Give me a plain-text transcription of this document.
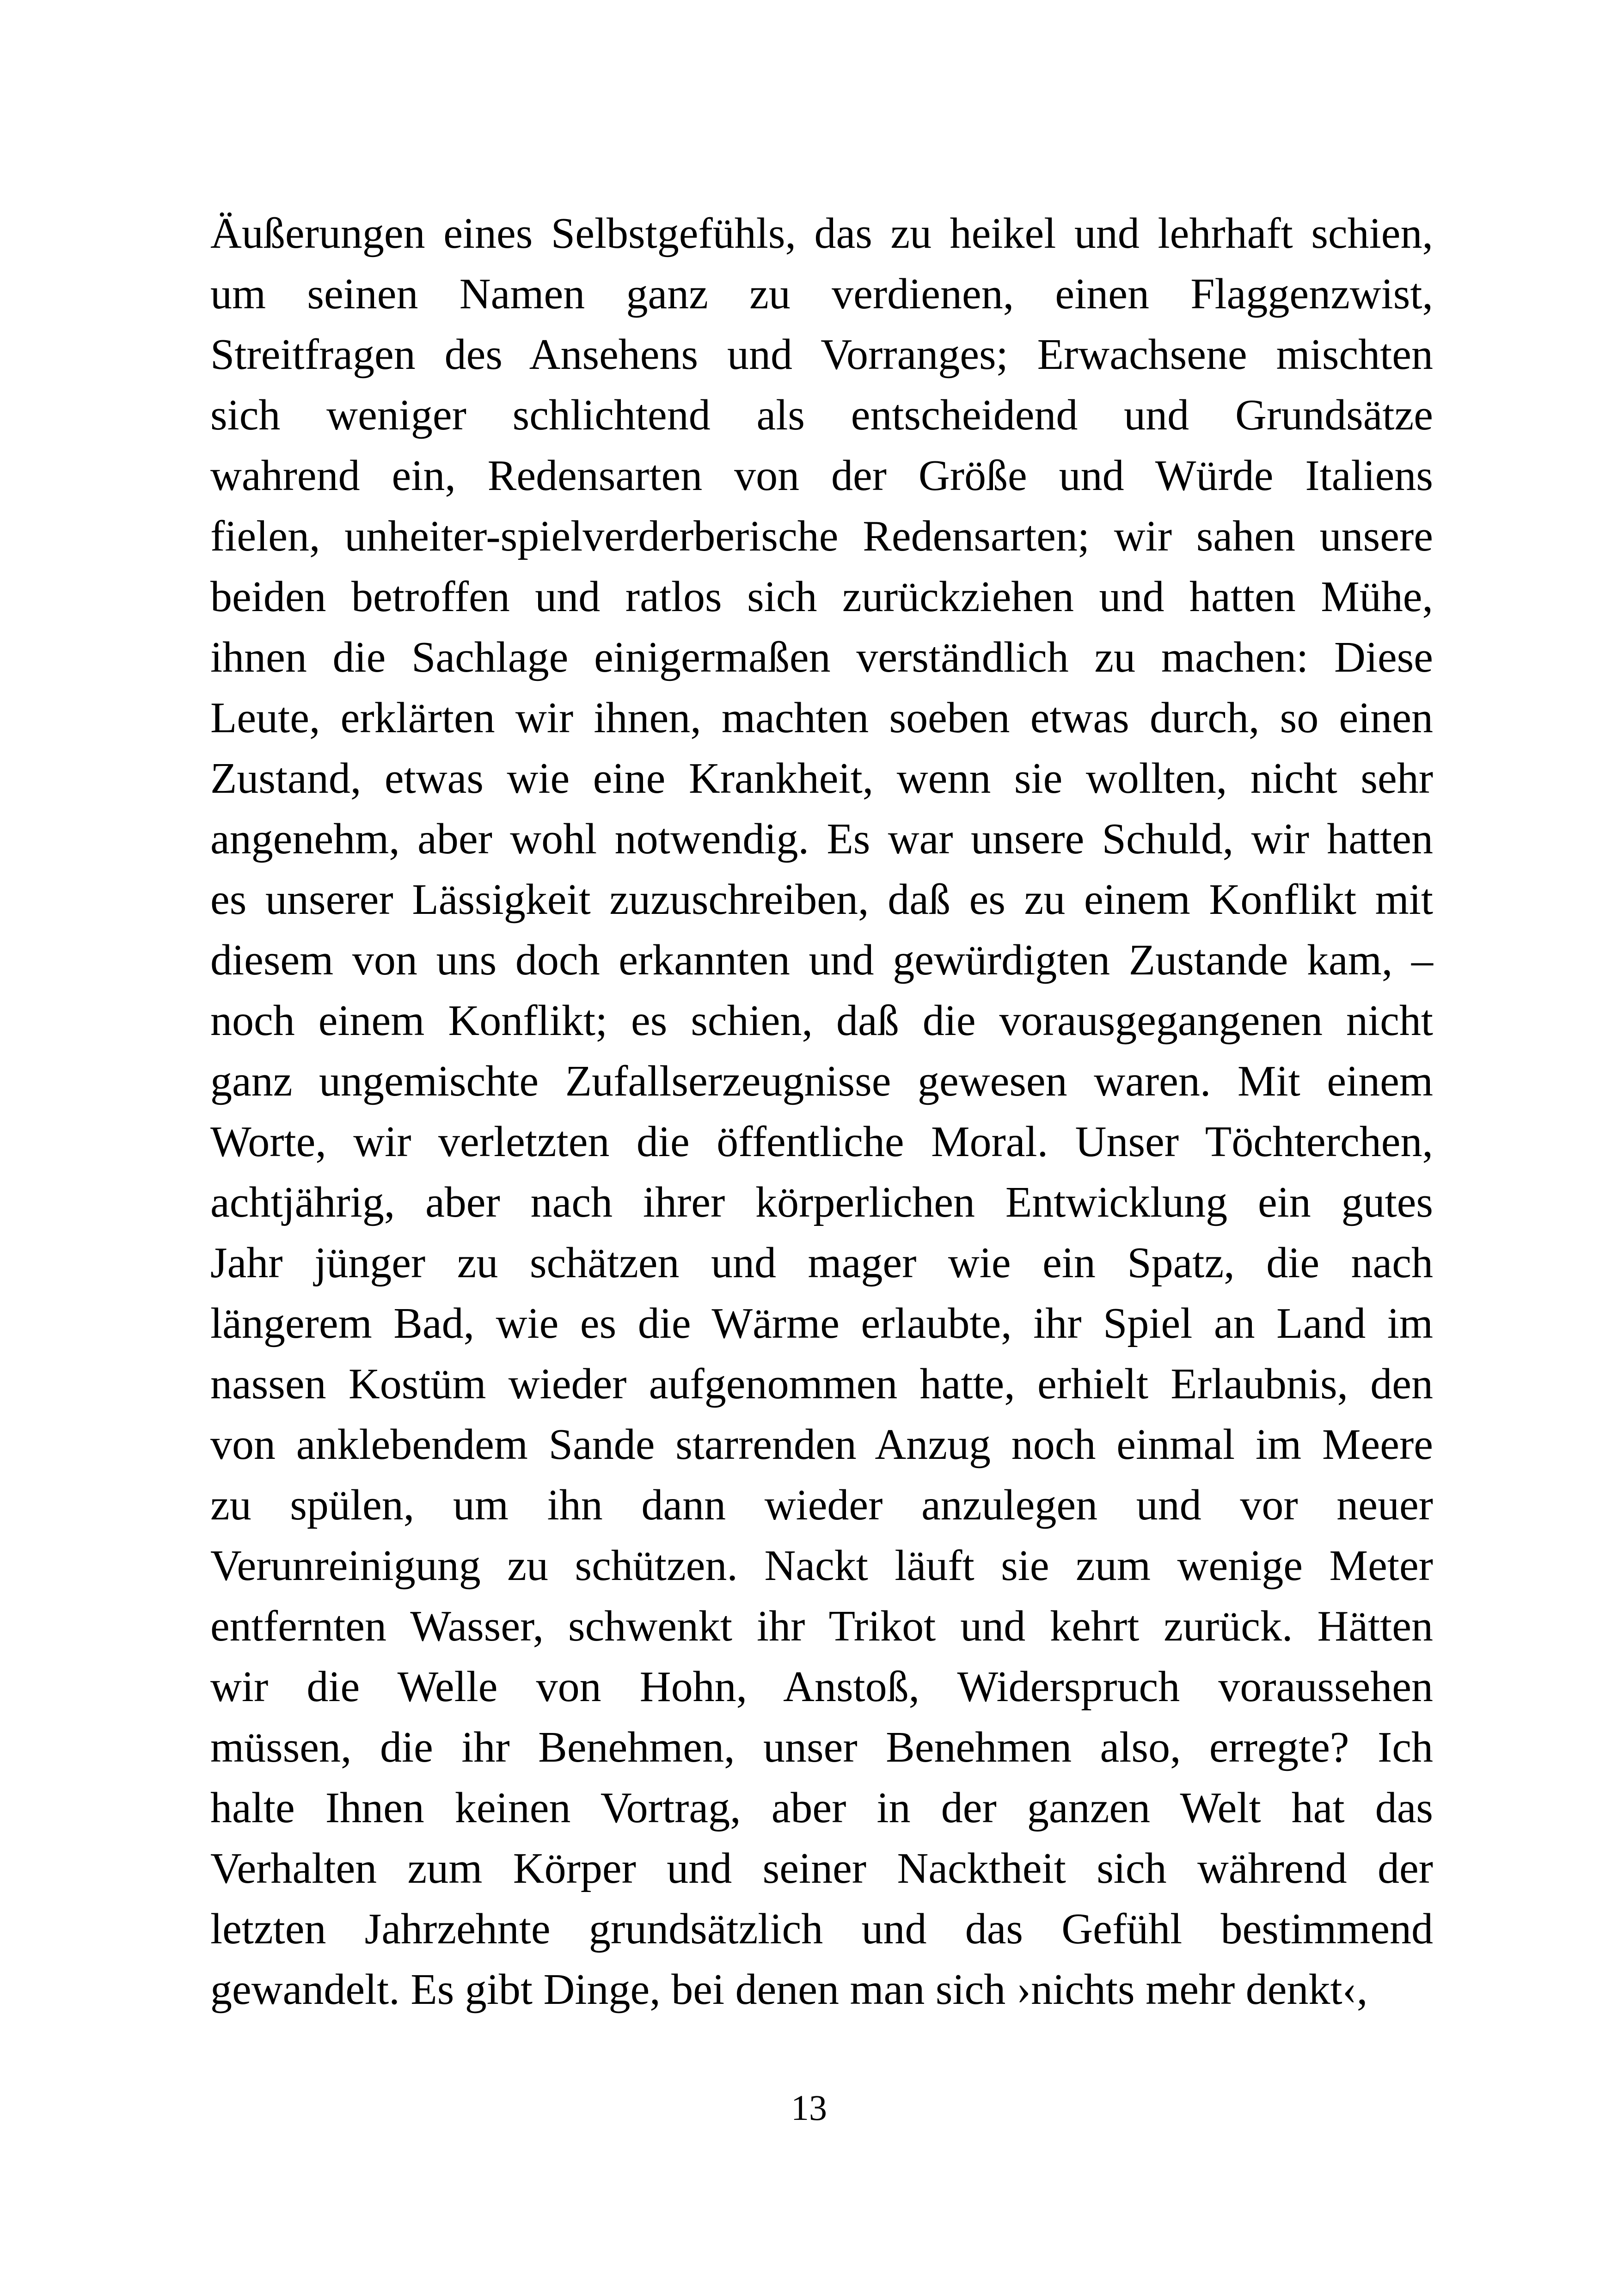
Äußerungen eines Selbstgefühls, das zu heikel und lehrhaft schien,
um seinen Namen ganz zu verdienen, einen Flaggenzwist,
Streitfragen des Ansehens und Vorranges; Erwachsene mischten
sich weniger schlichtend als entscheidend und Grundsätze
wahrend ein, Redensarten von der Größe und Würde Italiens
fielen, unheiter-spielverderberische Redensarten; wir sahen unsere
beiden betroffen und ratlos sich zurückziehen und hatten Mühe,
ihnen die Sachlage einigermaßen verständlich zu machen: Diese
Leute, erklärten wir ihnen, machten soeben etwas durch, so einen
Zustand, etwas wie eine Krankheit, wenn sie wollten, nicht sehr
angenehm, aber wohl notwendig. Es war unsere Schuld, wir hatten
es unserer Lässigkeit zuzuschreiben, daß es zu einem Konflikt mit
diesem von uns doch erkannten und gewürdigten Zustande kam, –
noch einem Konflikt; es schien, daß die vorausgegangenen nicht
ganz ungemischte Zufallserzeugnisse gewesen waren. Mit einem
Worte, wir verletzten die öffentliche Moral. Unser Töchterchen,
achtjährig, aber nach ihrer körperlichen Entwicklung ein gutes
Jahr jünger zu schätzen und mager wie ein Spatz, die nach
längerem Bad, wie es die Wärme erlaubte, ihr Spiel an Land im
nassen Kostüm wieder aufgenommen hatte, erhielt Erlaubnis, den
von anklebendem Sande starrenden Anzug noch einmal im Meere
zu spülen, um ihn dann wieder anzulegen und vor neuer
Verunreinigung zu schützen. Nackt läuft sie zum wenige Meter
entfernten Wasser, schwenkt ihr Trikot und kehrt zurück. Hätten
wir die Welle von Hohn, Anstoß, Widerspruch voraussehen
müssen, die ihr Benehmen, unser Benehmen also, erregte? Ich
halte Ihnen keinen Vortrag, aber in der ganzen Welt hat das
Verhalten zum Körper und seiner Nacktheit sich während der
letzten Jahrzehnte grundsätzlich und das Gefühl bestimmend
gewandelt. Es gibt Dinge, bei denen man sich ›nichts mehr denkt‹,
13
